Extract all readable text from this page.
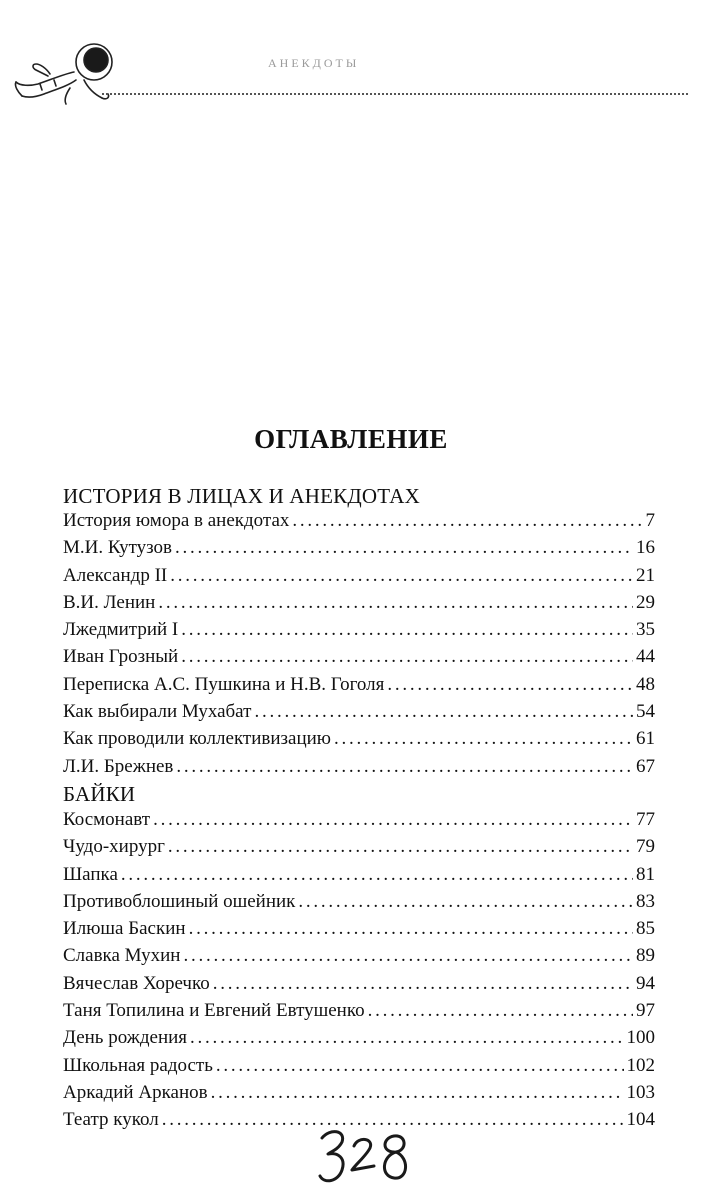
АНЕКДОТЫ
ОГЛАВЛЕНИЕ
ИСТОРИЯ В ЛИЦАХ И АНЕКДОТАХ
История юмора в анекдотах . . .	7
М.И. Кутузов . . .	16
Александр II . . .	21
В.И. Ленин . . .	29
Лжедмитрий I . . .	35
Иван Грозный . . .	44
Переписка А.С. Пушкина и Н.В. Гоголя . . .	48
Как выбирали Мухабат . . .	54
Как проводили коллективизацию . . .	61
Л.И. Брежнев . . .	67
БАЙКИ
Космонавт . . .	77
Чудо-хирург . . .	79
Шапка . . .	81
Противоблошиный ошейник . . .	83
Илюша Баскин . . .	85
Славка Мухин . . .	89
Вячеслав Хоречко . . .	94
Таня Топилина и Евгений Евтушенко . . .	97
День рождения . . .	100
Школьная радость . . .	102
Аркадий Арканов . . .	103
Театр кукол . . .	104
